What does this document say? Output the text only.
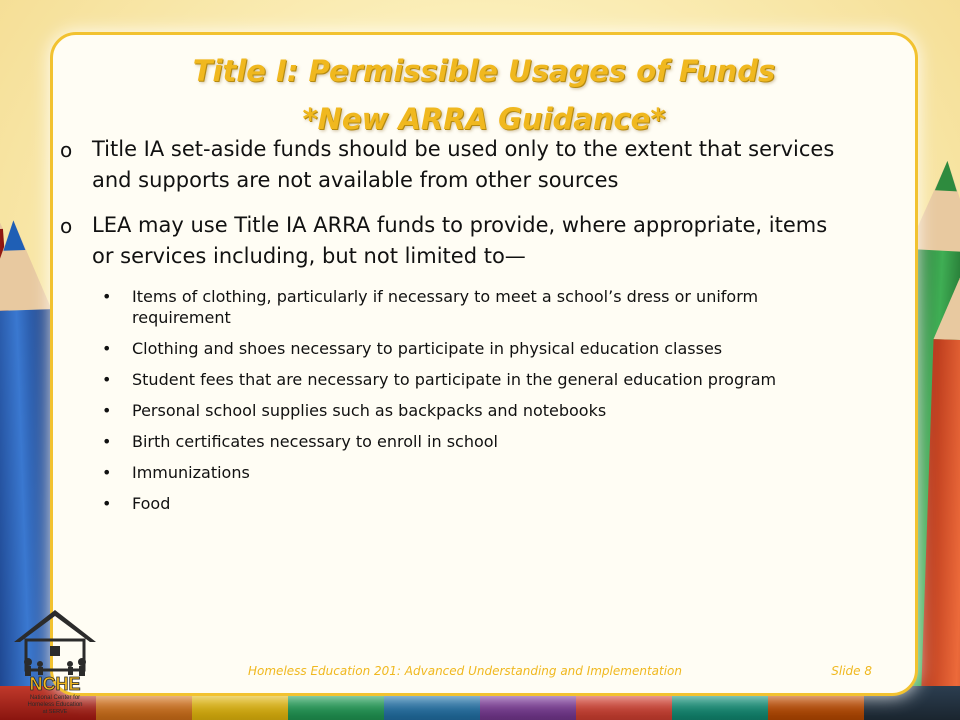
Title I: Permissible Usages of Funds
*New ARRA Guidance*
o Title IA set-aside funds should be used only to the extent that services and supports are not available from other sources
o LEA may use Title IA ARRA funds to provide, where appropriate, items or services including, but not limited to—
• Items of clothing, particularly if necessary to meet a school’s dress or uniform requirement
• Clothing and shoes necessary to participate in physical education classes
• Student fees that are necessary to participate in the general education program
• Personal school supplies such as backpacks and notebooks
• Birth certificates necessary to enroll in school
• Immunizations
• Food
NCHE
National Center for
Homeless Education
at SERVE
Homeless Education 201: Advanced Understanding and Implementation	Slide 8
